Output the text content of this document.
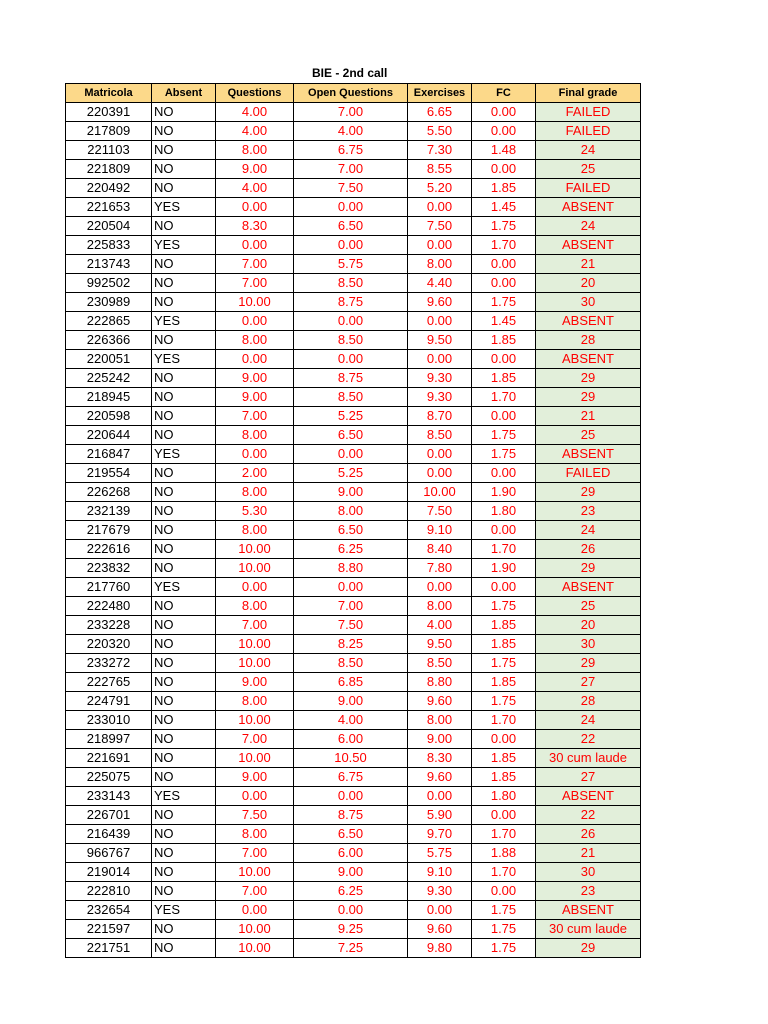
BIE - 2nd call
Matricola	Absent	Questions	Open Questions	Exercises	FC	Final grade
220391	NO	4.00	7.00	6.65	0.00	FAILED
217809	NO	4.00	4.00	5.50	0.00	FAILED
221103	NO	8.00	6.75	7.30	1.48	24
221809	NO	9.00	7.00	8.55	0.00	25
220492	NO	4.00	7.50	5.20	1.85	FAILED
221653	YES	0.00	0.00	0.00	1.45	ABSENT
220504	NO	8.30	6.50	7.50	1.75	24
225833	YES	0.00	0.00	0.00	1.70	ABSENT
213743	NO	7.00	5.75	8.00	0.00	21
992502	NO	7.00	8.50	4.40	0.00	20
230989	NO	10.00	8.75	9.60	1.75	30
222865	YES	0.00	0.00	0.00	1.45	ABSENT
226366	NO	8.00	8.50	9.50	1.85	28
220051	YES	0.00	0.00	0.00	0.00	ABSENT
225242	NO	9.00	8.75	9.30	1.85	29
218945	NO	9.00	8.50	9.30	1.70	29
220598	NO	7.00	5.25	8.70	0.00	21
220644	NO	8.00	6.50	8.50	1.75	25
216847	YES	0.00	0.00	0.00	1.75	ABSENT
219554	NO	2.00	5.25	0.00	0.00	FAILED
226268	NO	8.00	9.00	10.00	1.90	29
232139	NO	5.30	8.00	7.50	1.80	23
217679	NO	8.00	6.50	9.10	0.00	24
222616	NO	10.00	6.25	8.40	1.70	26
223832	NO	10.00	8.80	7.80	1.90	29
217760	YES	0.00	0.00	0.00	0.00	ABSENT
222480	NO	8.00	7.00	8.00	1.75	25
233228	NO	7.00	7.50	4.00	1.85	20
220320	NO	10.00	8.25	9.50	1.85	30
233272	NO	10.00	8.50	8.50	1.75	29
222765	NO	9.00	6.85	8.80	1.85	27
224791	NO	8.00	9.00	9.60	1.75	28
233010	NO	10.00	4.00	8.00	1.70	24
218997	NO	7.00	6.00	9.00	0.00	22
221691	NO	10.00	10.50	8.30	1.85	30 cum laude
225075	NO	9.00	6.75	9.60	1.85	27
233143	YES	0.00	0.00	0.00	1.80	ABSENT
226701	NO	7.50	8.75	5.90	0.00	22
216439	NO	8.00	6.50	9.70	1.70	26
966767	NO	7.00	6.00	5.75	1.88	21
219014	NO	10.00	9.00	9.10	1.70	30
222810	NO	7.00	6.25	9.30	0.00	23
232654	YES	0.00	0.00	0.00	1.75	ABSENT
221597	NO	10.00	9.25	9.60	1.75	30 cum laude
221751	NO	10.00	7.25	9.80	1.75	29
